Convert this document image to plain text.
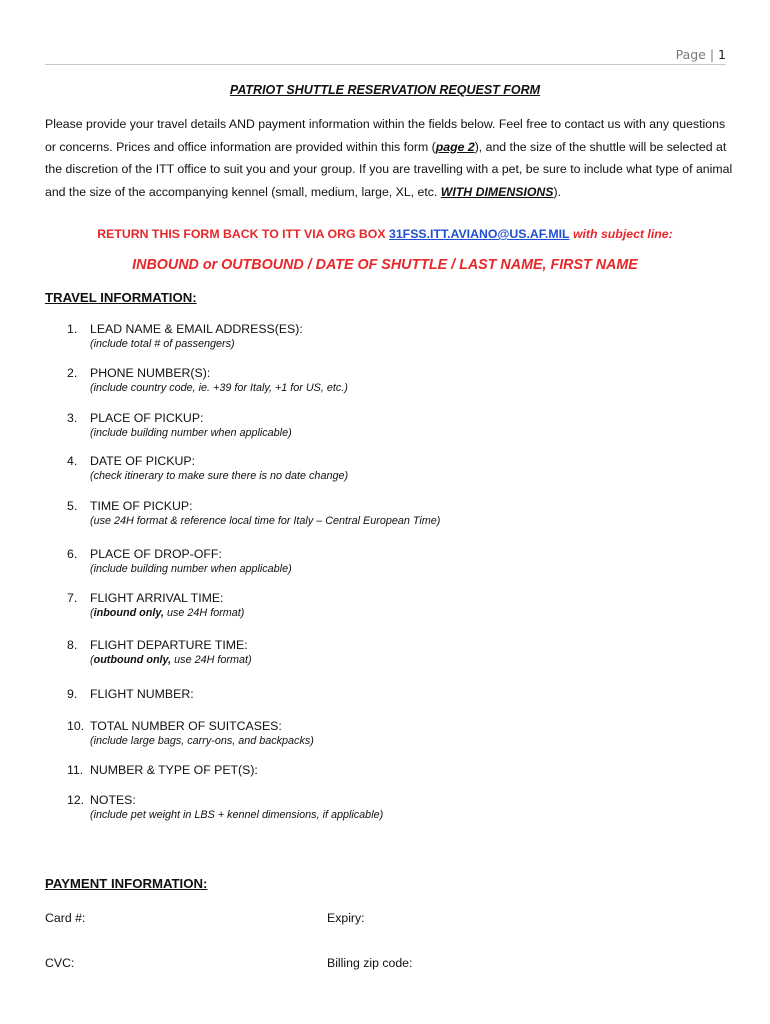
Page | 1
PATRIOT SHUTTLE RESERVATION REQUEST FORM

Please provide your travel details AND payment information within the fields below. Feel free to contact us with any questions or concerns. Prices and office information are provided within this form (page 2), and the size of the shuttle will be selected at the discretion of the ITT office to suit you and your group. If you are travelling with a pet, be sure to include what type of animal and the size of the accompanying kennel (small, medium, large, XL, etc. WITH DIMENSIONS).

RETURN THIS FORM BACK TO ITT VIA ORG BOX 31FSS.ITT.AVIANO@US.AF.MIL with subject line:
INBOUND or OUTBOUND / DATE OF SHUTTLE / LAST NAME, FIRST NAME
TRAVEL INFORMATION:
1. LEAD NAME & EMAIL ADDRESS(ES):
(include total # of passengers)
2. PHONE NUMBER(S):
(include country code, ie. +39 for Italy, +1 for US, etc.)
3. PLACE OF PICKUP:
(include building number when applicable)
4. DATE OF PICKUP:
(check itinerary to make sure there is no date change)
5. TIME OF PICKUP:
(use 24H format & reference local time for Italy – Central European Time)
6. PLACE OF DROP-OFF:
(include building number when applicable)
7. FLIGHT ARRIVAL TIME:
(inbound only, use 24H format)
8. FLIGHT DEPARTURE TIME:
(outbound only, use 24H format)
9. FLIGHT NUMBER:
10. TOTAL NUMBER OF SUITCASES:
(include large bags, carry-ons, and backpacks)
11. NUMBER & TYPE OF PET(S):
12. NOTES:
(include pet weight in LBS + kennel dimensions, if applicable)
PAYMENT INFORMATION:
Card #:	Expiry:
CVC:	Billing zip code:
